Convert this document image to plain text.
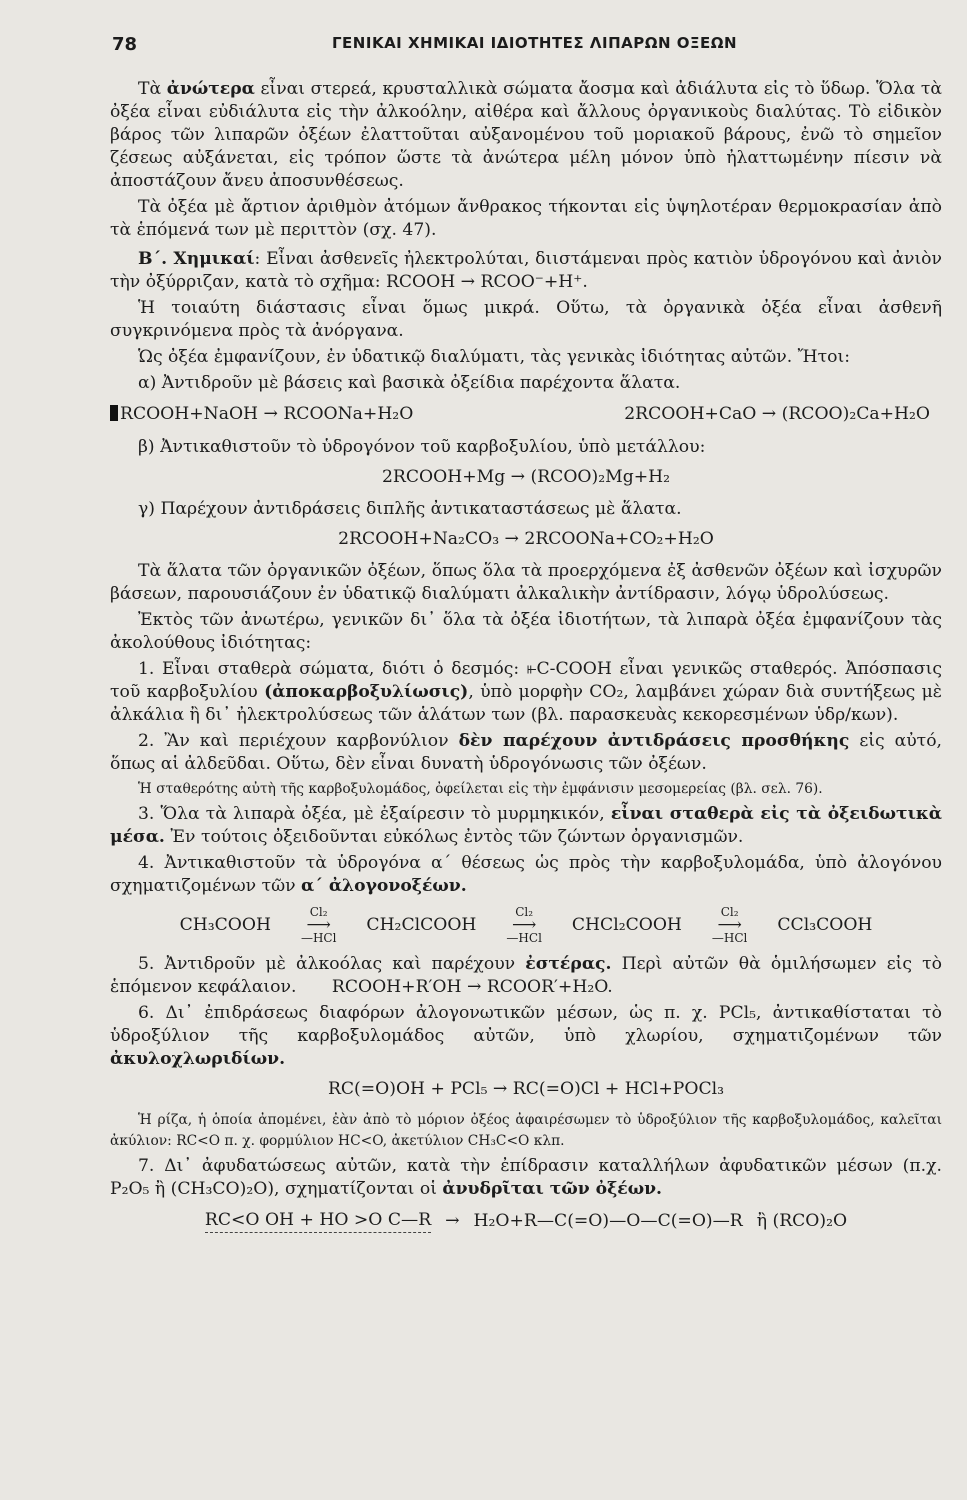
78	ΓΕΝΙΚΑΙ ΧΗΜΙΚΑΙ ΙΔΙΟΤΗΤΕΣ ΛΙΠΑΡΩΝ ΟΞΕΩΝ

Τὰ ἀνώτερα εἶναι στερεά, κρυσταλλικὰ σώματα ἄοσμα καὶ ἀδιάλυτα εἰς τὸ ὕδωρ. Ὅλα τὰ ὀξέα εἶναι εὐδιάλυτα εἰς τὴν ἀλκοόλην, αἰθέρα καὶ ἄλλους ὀργανικοὺς διαλύτας. Τὸ εἰδικὸν βάρος τῶν λιπαρῶν ὀξέων ἐλαττοῦται αὐξανομένου τοῦ μοριακοῦ βάρους, ἐνῶ τὸ σημεῖον ζέσεως αὐξάνεται, εἰς τρόπον ὥστε τὰ ἀνώτερα μέλη μόνον ὑπὸ ἠλαττωμένην πίεσιν νὰ ἀποστάζουν ἄνευ ἀποσυνθέσεως.

Τὰ ὀξέα μὲ ἄρτιον ἀριθμὸν ἀτόμων ἄνθρακος τήκονται εἰς ὑψηλοτέραν θερμοκρασίαν ἀπὸ τὰ ἑπόμενά των μὲ περιττὸν (σχ. 47).

Β΄. Χημικαί: Εἶναι ἀσθενεῖς ἠλεκτρολύται, διιστάμεναι πρὸς κατιὸν ὑδρογόνου καὶ ἀνιὸν τὴν ὀξύρριζαν, κατὰ τὸ σχῆμα: RCOOH → RCOO⁻+H⁺.

Ἡ τοιαύτη διάστασις εἶναι ὅμως μικρά. Οὕτω, τὰ ὀργανικὰ ὀξέα εἶναι ἀσθενῆ συγκρινόμενα πρὸς τὰ ἀνόργανα.

Ὡς ὀξέα ἐμφανίζουν, ἐν ὑδατικῷ διαλύματι, τὰς γενικὰς ἰδιότητας αὐτῶν. Ἤτοι:

α) Ἀντιδροῦν μὲ βάσεις καὶ βασικὰ ὀξείδια παρέχοντα ἅλατα.

RCOOH+NaOH → RCOONa+H₂O	2RCOOH+CaO → (RCOO)₂Ca+H₂O

β) Ἀντικαθιστοῦν τὸ ὑδρογόνον τοῦ καρβοξυλίου, ὑπὸ μετάλλου:

2RCOOH+Mg → (RCOO)₂Mg+H₂

γ) Παρέχουν ἀντιδράσεις διπλῆς ἀντικαταστάσεως μὲ ἅλατα.

2RCOOH+Na₂CO₃ → 2RCOONa+CO₂+H₂O

Τὰ ἅλατα τῶν ὀργανικῶν ὀξέων, ὅπως ὅλα τὰ προερχόμενα ἐξ ἀσθενῶν ὀξέων καὶ ἰσχυρῶν βάσεων, παρουσιάζουν ἐν ὑδατικῷ διαλύματι ἀλκαλικὴν ἀντίδρασιν, λόγῳ ὑδρολύσεως.

Ἐκτὸς τῶν ἀνωτέρω, γενικῶν δι᾽ ὅλα τὰ ὀξέα ἰδιοτήτων, τὰ λιπαρὰ ὀξέα ἐμφανίζουν τὰς ἀκολούθους ἰδιότητας:

1. Εἶναι σταθερὰ σώματα, διότι ὁ δεσμός: ⫦C-COOH εἶναι γενικῶς σταθερός. Ἀπόσπασις τοῦ καρβοξυλίου (ἀποκαρβοξυλίωσις), ὑπὸ μορφὴν CO₂, λαμβάνει χώραν διὰ συντήξεως μὲ ἀλκάλια ἢ δι᾽ ἠλεκτρολύσεως τῶν ἁλάτων των (βλ. παρασκευὰς κεκορεσμένων ὑδρ/κων).

2. Ἂν καὶ περιέχουν καρβονύλιον δὲν παρέχουν ἀντιδράσεις προσθήκης εἰς αὐτό, ὅπως αἱ ἀλδεῦδαι. Οὕτω, δὲν εἶναι δυνατὴ ὑδρογόνωσις τῶν ὀξέων.

Ἡ σταθερότης αὐτὴ τῆς καρβοξυλομάδος, ὀφείλεται εἰς τὴν ἐμφάνισιν μεσομερείας (βλ. σελ. 76).

3. Ὅλα τὰ λιπαρὰ ὀξέα, μὲ ἐξαίρεσιν τὸ μυρμηκικόν, εἶναι σταθερὰ εἰς τὰ ὀξειδωτικὰ μέσα. Ἐν τούτοις ὀξειδοῦνται εὐκόλως ἐντὸς τῶν ζώντων ὀργανισμῶν.

4. Ἀντικαθιστοῦν τὰ ὑδρογόνα α΄ θέσεως ὡς πρὸς τὴν καρβοξυλομάδα, ὑπὸ ἀλογόνου σχηματιζομένων τῶν α΄ ἀλογονοξέων.

CH₃COOH
Cl₂
⟶
—HCl
CH₂ClCOOH
Cl₂
⟶
—HCl
CHCl₂COOH
Cl₂
⟶
—HCl
CCl₃COOH

5. Ἀντιδροῦν μὲ ἀλκοόλας καὶ παρέχουν ἐστέρας. Περὶ αὐτῶν θὰ ὁμιλήσωμεν εἰς τὸ ἑπόμενον κεφάλαιον. RCOOH+R′OH → RCOOR′+H₂O.

6. Δι᾽ ἐπιδράσεως διαφόρων ἀλογονωτικῶν μέσων, ὡς π. χ. PCl₅, ἀντικαθίσταται τὸ ὑδροξύλιον τῆς καρβοξυλομάδος αὐτῶν, ὑπὸ χλωρίου, σχηματιζομένων τῶν ἀκυλοχλωριδίων.

RC(=O)OH + PCl₅ → RC(=O)Cl + HCl+POCl₃

Ἡ ρίζα, ἡ ὁποία ἀπομένει, ἐὰν ἀπὸ τὸ μόριον ὀξέος ἀφαιρέσωμεν τὸ ὑδροξύλιον τῆς καρβοξυλομάδος, καλεῖται ἀκύλιον: RC<O π. χ. φορμύλιον HC<O, ἀκετύλιον CH₃C<O κλπ.

7. Δι᾽ ἀφυδατώσεως αὐτῶν, κατὰ τὴν ἐπίδρασιν καταλλήλων ἀφυδατικῶν μέσων (π.χ. P₂O₅ ἢ (CH₃CO)₂O), σχηματίζονται οἱ ἀνυδρῖται τῶν ὀξέων.

RC<O OH + HO >O C—R → H₂O+R—C(=O)—O—C(=O)—R ἢ (RCO)₂O
